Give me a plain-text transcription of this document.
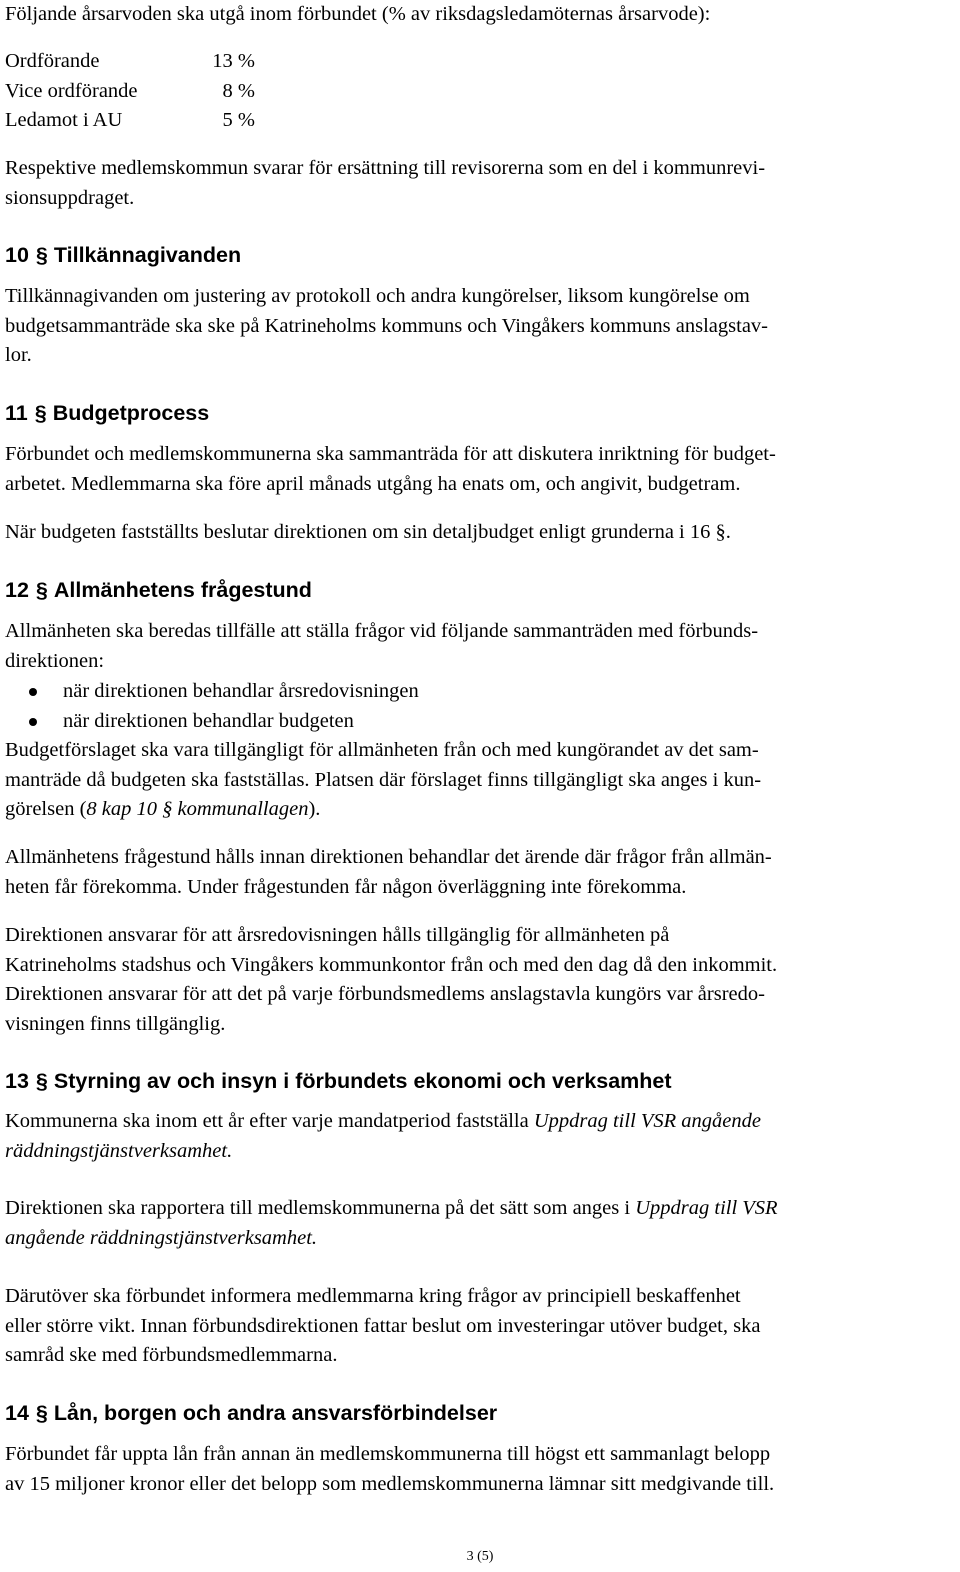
Följande årsarvoden ska utgå inom förbundet (% av riksdagsledamöternas årsarvode):
Ordförande	13 %
Vice ordförande	8 %
Ledamot i AU	5 %
Respektive medlemskommun svarar för ersättning till revisorerna som en del i kommunrevi-
sionsuppdraget.
10 § Tillkännagivanden
Tillkännagivanden om justering av protokoll och andra kungörelser, liksom kungörelse om
budgetsammanträde ska ske på Katrineholms kommuns och Vingåkers kommuns anslagstav-
lor.
11 § Budgetprocess
Förbundet och medlemskommunerna ska sammanträda för att diskutera inriktning för budget-
arbetet. Medlemmarna ska före april månads utgång ha enats om, och angivit, budgetram.
När budgeten fastställts beslutar direktionen om sin detaljbudget enligt grunderna i 16 §.
12 § Allmänhetens frågestund
Allmänheten ska beredas tillfälle att ställa frågor vid följande sammanträden med förbunds-
direktionen:
när direktionen behandlar årsredovisningen
när direktionen behandlar budgeten
Budgetförslaget ska vara tillgängligt för allmänheten från och med kungörandet av det sam-
manträde då budgeten ska fastställas. Platsen där förslaget finns tillgängligt ska anges i kun-
görelsen (8 kap 10 § kommunallagen).
Allmänhetens frågestund hålls innan direktionen behandlar det ärende där frågor från allmän-
heten får förekomma. Under frågestunden får någon överläggning inte förekomma.
Direktionen ansvarar för att årsredovisningen hålls tillgänglig för allmänheten på
Katrineholms stadshus och Vingåkers kommunkontor från och med den dag då den inkommit.
Direktionen ansvarar för att det på varje förbundsmedlems anslagstavla kungörs var årsredo-
visningen finns tillgänglig.
13 § Styrning av och insyn i förbundets ekonomi och verksamhet
Kommunerna ska inom ett år efter varje mandatperiod fastställa Uppdrag till VSR angående
räddningstjänstverksamhet.
Direktionen ska rapportera till medlemskommunerna på det sätt som anges i Uppdrag till VSR
angående räddningstjänstverksamhet.
Därutöver ska förbundet informera medlemmarna kring frågor av principiell beskaffenhet
eller större vikt. Innan förbundsdirektionen fattar beslut om investeringar utöver budget, ska
samråd ske med förbundsmedlemmarna.
14 § Lån, borgen och andra ansvarsförbindelser
Förbundet får uppta lån från annan än medlemskommunerna till högst ett sammanlagt belopp
av 15 miljoner kronor eller det belopp som medlemskommunerna lämnar sitt medgivande till.
3 (5)
